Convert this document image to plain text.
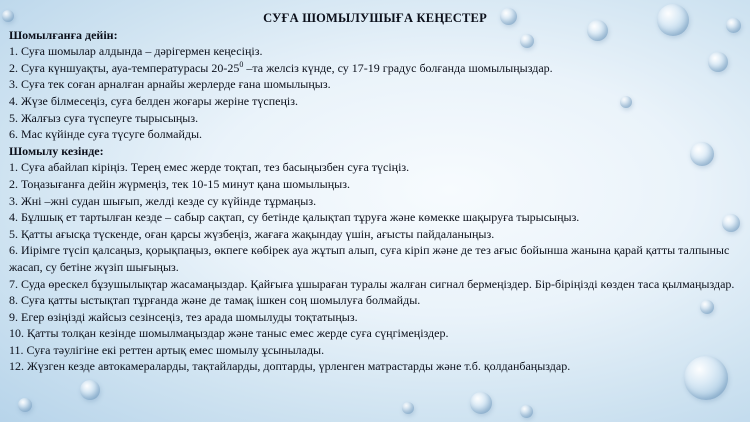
СУҒА ШОМЫЛУШЫҒА КЕҢЕСТЕР
Шомылғанға дейін:
1. Суға шомылар алдында – дәрігермен кеңесіңіз.
2. Суға күншуақты, ауа-температурасы $20-25^0$ –та желсіз күнде, су 17-19 градус болғанда шомылыңыздар.
3. Суға тек соған арналған арнайы жерлерде ғана шомылыңыз.
4. Жүзе білмесеңіз, суға белден жоғары жеріне түспеңіз.
5. Жалғыз суға түспеуге тырысыңыз.
6. Мас күйінде суға түсуге болмайды.
Шомылу кезінде:
1. Суға абайлап кіріңіз. Терең емес жерде тоқтап, тез басыңызбен суға түсіңіз.
2. Тоңазығанға дейін жүрмеңіз, тек 10-15 минут қана шомылыңыз.
3. Жні –жні судан шығып, желді кезде су күйінде тұрмаңыз.
4. Бұлшық ет тартылған кезде – сабыр сақтап, су бетінде қалықтап тұруға және көмекке шақыруға тырысыңыз.
5. Қатты ағысқа түскенде, оған қарсы жүзбеңіз, жағаға жақындау үшін, ағысты пайдаланыңыз.
6. Иірімге түсіп қалсаңыз, қорықпаңыз, өкпеге көбірек ауа жұтып алып, суға кіріп және де тез ағыс бойынша жанына қарай қатты талпыныс жасап, су бетіне жүзіп шығыңыз.
7. Суда өрескел бұзушылықтар жасамаңыздар. Қайғыға ұшыраған туралы жалған сигнал бермеңіздер. Бір-біріңізді көзден таса қылмаңыздар.
8. Суға қатты ыстықтап тұрғанда және де тамақ ішкен соң шомылуға болмайды.
9. Егер өзіңізді жайсыз сезінсеңіз, тез арада шомылуды тоқтатыңыз.
10. Қатты толқан кезінде шомылмаңыздар және таныс емес жерде суға сүңгімеңіздер.
11. Суға тәулігіне екі реттен артық емес шомылу ұсынылады.
12. Жүзген кезде автокамераларды, тақтайларды, доптарды, үрленген матрастарды және т.б. қолданбаңыздар.
